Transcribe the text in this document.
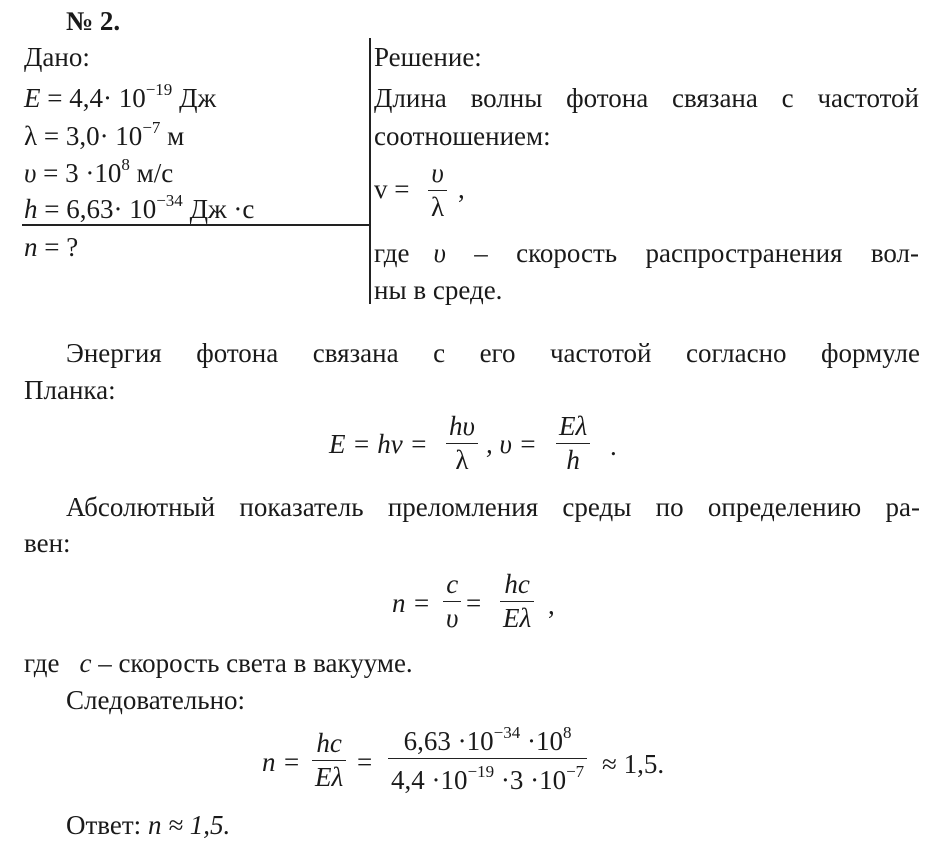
№ 2.
Дано:
$E = 4,4\cdot 10^{-19}$ Дж
$\lambda = 3,0\cdot 10^{-7}$ м
$\upsilon = 3 \cdot 10^8$ м/с
$h = 6,63\cdot 10^{-34}$ Дж ·с
n = ?
Решение:
Длина волны фотона связана с частотой
соотношением:
$v = \frac{\upsilon}{\lambda}$ ,
где υ – скорость распространения вол-
ны в среде.
Энергия фотона связана с его частотой согласно формуле
Планка:
E = hv = $\frac{h\upsilon}{\lambda}$ , $\upsilon = \frac{E\lambda}{h}$ .
Абсолютный показатель преломления среды по определению ра-
вен:
$n = \frac{c}{\upsilon} = \frac{hc}{E\lambda}$ ,
где c – скорость света в вакууме.
Следовательно:
$n = \frac{hc}{E\lambda} = \frac{6,63 \cdot 10^{-34} \cdot 10^8}{4,4 \cdot 10^{-19} \cdot 3 \cdot 10^{-7}} \approx 1,5$.
Ответ: n ≈ 1,5.
